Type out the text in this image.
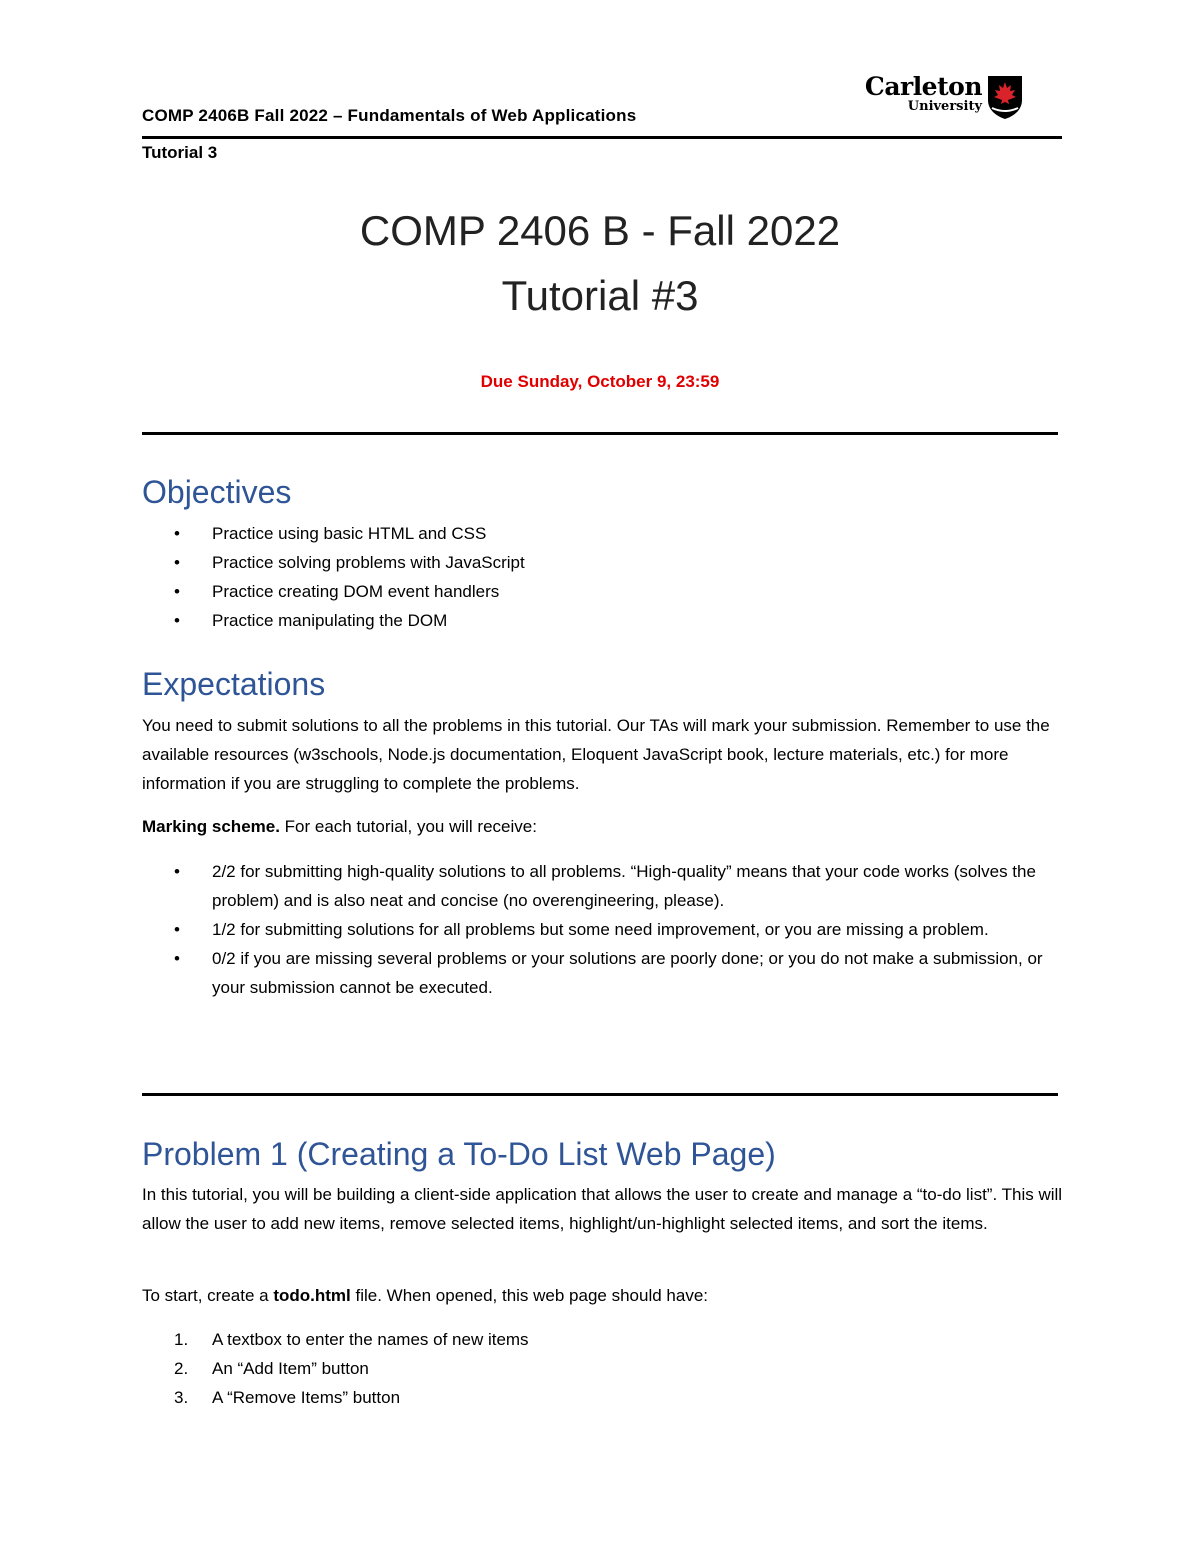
COMP 2406B Fall 2022 – Fundamentals of Web Applications
Tutorial 3
Carleton
University
COMP 2406 B - Fall 2022
Tutorial #3
Due Sunday, October 9, 23:59
Objectives
• Practice using basic HTML and CSS
• Practice solving problems with JavaScript
• Practice creating DOM event handlers
• Practice manipulating the DOM
Expectations
You need to submit solutions to all the problems in this tutorial. Our TAs will mark your submission. Remember to use the available resources (w3schools, Node.js documentation, Eloquent JavaScript book, lecture materials, etc.) for more information if you are struggling to complete the problems.
Marking scheme. For each tutorial, you will receive:
• 2/2 for submitting high-quality solutions to all problems. “High-quality” means that your code works (solves the problem) and is also neat and concise (no overengineering, please).
• 1/2 for submitting solutions for all problems but some need improvement, or you are missing a problem.
• 0/2 if you are missing several problems or your solutions are poorly done; or you do not make a submission, or your submission cannot be executed.
Problem 1 (Creating a To-Do List Web Page)
In this tutorial, you will be building a client-side application that allows the user to create and manage a “to-do list”. This will allow the user to add new items, remove selected items, highlight/un-highlight selected items, and sort the items.
To start, create a todo.html file. When opened, this web page should have:
1. A textbox to enter the names of new items
2. An “Add Item” button
3. A “Remove Items” button
